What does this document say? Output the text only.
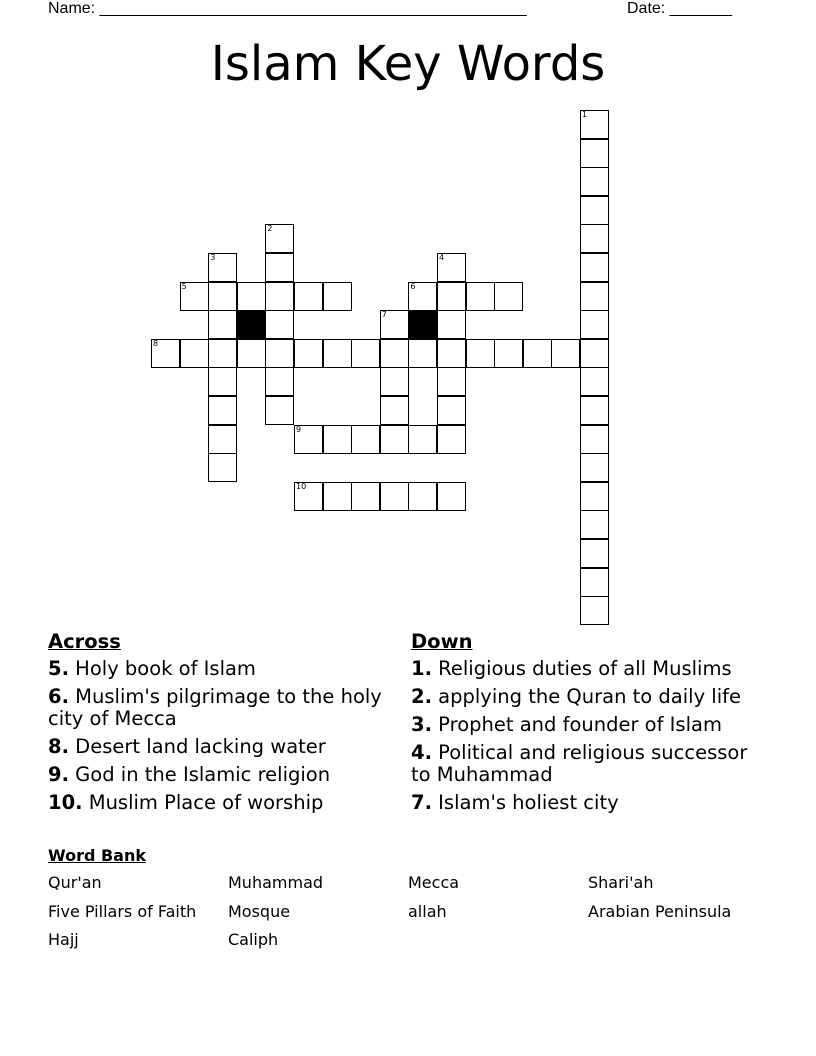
Name: ________________________________________________	Date: _______
Islam Key Words
1
8
5	6
3
2
4
7
9
10
Across
5. Holy book of Islam
6. Muslim's pilgrimage to the holy city of Mecca
8. Desert land lacking water
9. God in the Islamic religion
10. Muslim Place of worship
Down
1. Religious duties of all Muslims
2. applying the Quran to daily life
3. Prophet and founder of Islam
4. Political and religious successor to Muhammad
7. Islam's holiest city
Word Bank
Qur'an	Muhammad	Mecca	Shari'ah
Five Pillars of Faith	Mosque	allah	Arabian Peninsula
Hajj	Caliph
